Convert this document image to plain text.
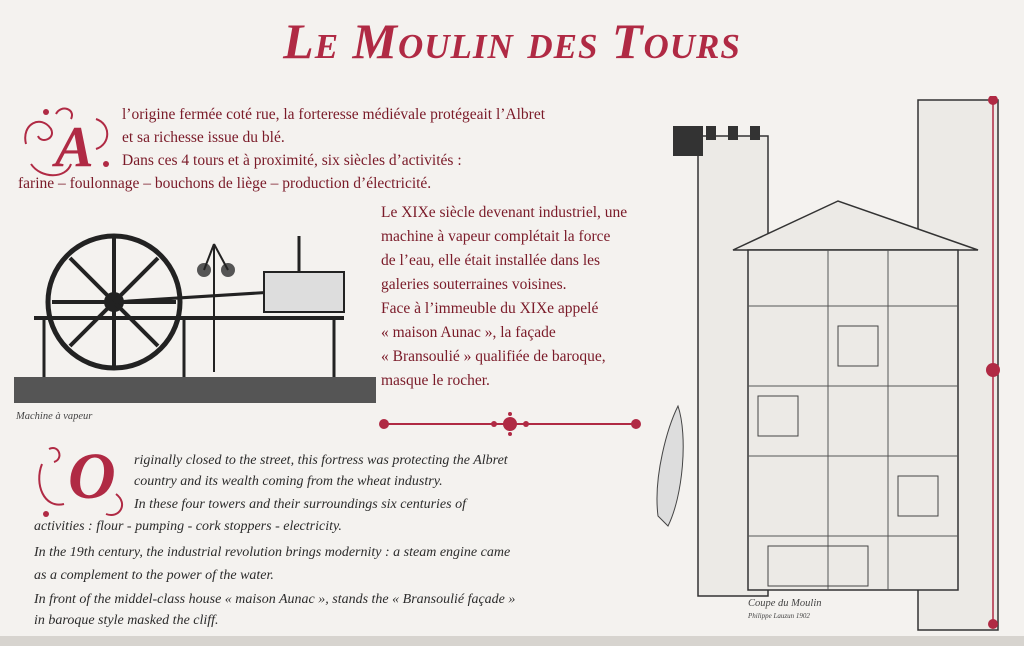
Le Moulin des Tours
A l’origine fermée coté rue, la forteresse médiévale protégeait l’Albret
et sa richesse issue du blé.
Dans ces 4 tours et à proximité, six siècles d’activités :
farine – foulonnage – bouchons de liège – production d’électricité.
Le XIXe siècle devenant industriel, une
machine à vapeur complétait la force
de l’eau, elle était installée dans les
galeries souterraines voisines.
Face à l’immeuble du XIXe appelé
« maison Aunac », la façade
« Bransoulié » qualifiée de baroque,
masque le rocher.
Machine à vapeur
O riginally closed to the street, this fortress was protecting the Albret
country and its wealth coming from the wheat industry.
In these four towers and their surroundings six centuries of
activities : flour - pumping - cork stoppers - electricity.
In the 19th century, the industrial revolution brings modernity : a steam engine came
as a complement to the power of the water.
In front of the middel-class house « maison Aunac », stands the « Bransoulié façade »
in baroque style masked the cliff.
Coupe du Moulin
Philippe Lauzun 1902
